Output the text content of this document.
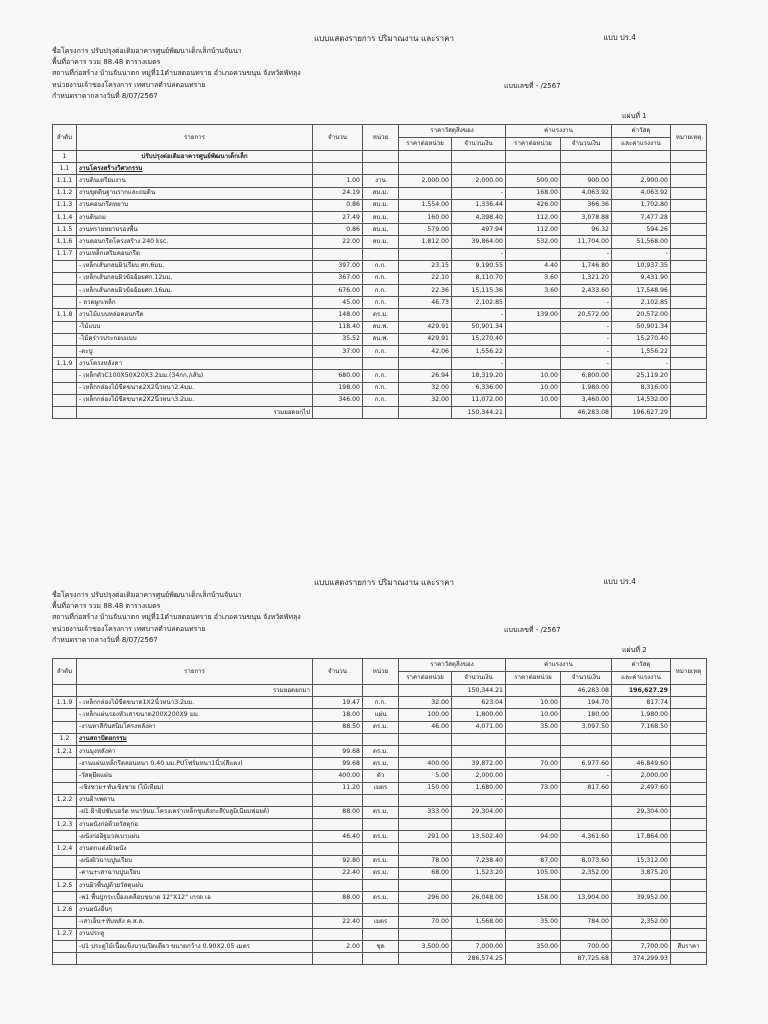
แบบแสดงรายการ ปริมาณงาน และราคา	แบบ ปร.4
ชื่อโครงการ ปรับปรุงต่อเติมอาคารศูนย์พัฒนาเด็กเล็กบ้านจันนา
พื้นที่อาคาร รวม 88.48 ตารางเมตร
สถานที่ก่อสร้าง บ้านจันนาตก หมู่ที่11ตำบลดอนทราย อำเภอควนขนุน จังหวัดพัทลุง
หน่วยงานเจ้าของโครงการ เทศบาลตำบลดอนทราย
กำหนดราคากลางวันที่ 8/07/2567
แบบเลขที่ - /2567
แผ่นที่ 1
ลำดับ	รายการ	จำนวน	หน่วย	ราคาวัสดุสิ่งของ		ค่าแรงงาน		ค่าวัสดุ	หมายเหตุ
				ราคาต่อหน่วย	จำนวนเงิน	ราคาต่อหน่วย	จำนวนเงิน	และค่าแรงงาน	
1	ปรับปรุงต่อเติมอาคารศูนย์พัฒนาเด็กเล็ก								
1.1	งานโครงสร้างวิศวกรรม								
1.1.1	งานดินเตรียมงาน	1.00	งาน	2,000.00	2,000.00	500.00	900.00	2,900.00	
1.1.2	งานขุดดินฐานรากและถมดิน	24.19	ลบ.ม.		-	168.00	4,063.92	4,063.92	
1.1.3	งานคอนกรีตหยาบ	0.86	ลบ.ม.	1,554.00	1,336.44	426.00	366.36	1,702.80	
1.1.4	งานดินถม	27.49	ลบ.ม.	160.00	4,398.40	112.00	3,078.88	7,477.28	
1.1.5	งานทรายหยาบรองพื้น	0.86	ลบ.ม.	579.00	497.94	112.00	96.32	594.26	
1.1.6	งานคอนกรีตโครงสร้าง 240 ksc.	22.00	ลบ.ม.	1,812.00	39,864.00	532.00	11,704.00	51,568.00	
1.1.7	งานเหล็กเสริมคอนกรีต				-		-	-	
	- เหล็กเส้นกลมผิวเรียบ ศก.6มม.	397.00	ก.ก.	23.15	9,190.55	4.40	1,746.80	10,937.35	
	- เหล็กเส้นกลมผิวข้ออ้อยศก.12มม.	367.00	ก.ก.	22.10	8,110.70	3.60	1,321.20	9,431.90	
	- เหล็กเส้นกลมผิวข้ออ้อยศก.16มม.	676.00	ก.ก.	22.36	15,115.36	3.60	2,433.60	17,548.96	
	- ลวดผูกเหล็ก	45.00	ก.ก.	46.73	2,102.85		-	2,102.85	
1.1.8	งานไม้แบบหล่อคอนกรีต	148.00	ตร.ม.		-	139.00	20,572.00	20,572.00	
	-ไม้แบบ	118.40	ลบ.ฟ.	429.91	50,901.34		-	50,901.34	
	-ไม้คร่าวประกอบแบบ	35.52	ลบ.ฟ.	429.91	15,270.40		-	15,270.40	
	-ตะปู	37.00	ก.ก.	42.06	1,556.22		-	1,556.22	
1.1.9	งานโครงหลังคา				-		-	-	
	- เหล็กตัวC100X50X20X3.2มม.(34กก./เส้น)	680.00	ก.ก.	26.94	18,319.20	10.00	6,800.00	25,119.20	
	- เหล็กกล่องไม้ขีดขนาด2X2นิ้วหนา2.4มม.	198.00	ก.ก.	32.00	6,336.00	10.00	1,980.00	8,316.00	
	- เหล็กกล่องไม้ขีดขนาด2X2นิ้วหนา3.2มม.	346.00	ก.ก.	32.00	11,072.00	10.00	3,460.00	14,532.00	
	รวมยอดยกไป				150,344.21		46,283.08	196,627.29	
แบบแสดงรายการ ปริมาณงาน และราคา	แบบ ปร.4
ชื่อโครงการ ปรับปรุงต่อเติมอาคารศูนย์พัฒนาเด็กเล็กบ้านจันนา
พื้นที่อาคาร รวม 88.48 ตารางเมตร
สถานที่ก่อสร้าง บ้านจันนาตก หมู่ที่11ตำบลดอนทราย อำเภอควนขนุน จังหวัดพัทลุง
หน่วยงานเจ้าของโครงการ เทศบาลตำบลดอนทราย
กำหนดราคากลางวันที่ 8/07/2567
แบบเลขที่ - /2567
แผ่นที่ 2
ลำดับ	รายการ	จำนวน	หน่วย	ราคาวัสดุสิ่งของ		ค่าแรงงาน		ค่าวัสดุ	หมายเหตุ
				ราคาต่อหน่วย	จำนวนเงิน	ราคาต่อหน่วย	จำนวนเงิน	และค่าแรงงาน	
	รวมยอดยกมา				150,344.21		46,283.08	196,627.29	
1.1.9	- เหล็กกล่องไม้ขีดขนาด1X2นิ้วหนา3.2มม.	19.47	ก.ก.	32.00	623.04	10.00	194.70	817.74	
	- เหล็กแผ่นรองหัวเสาขนาด200X200X9 มม.	18.00	แผ่น	100.00	1,800.00	10.00	180.00	1,980.00	
	-งานทาสีกันสนิมโครงหลังคา	88.50	ตร.ม.	46.00	4,071.00	35.00	3,097.50	7,168.50	
1.2	งานสถาปัตยกรรม								
1.2.1	งานมุงหลังคา	99.68	ตร.ม.						
	-งานแผ่นเหล็กรีดลอนหนา 0.40 มม.PUโฟร์มหนา1นิ้ว(สีแดง)	99.68	ตร.ม.	400.00	39,872.00	70.00	6,977.60	46,849.60	
	-วัสดุยึดแผ่น	400.00	ตัว	5.00	2,000.00		-	2,000.00	
	-เชิงชาย+ทับเชิงชาย (ไม้เทียม)	11.20	เมตร	150.00	1,680.00	73.00	817.60	2,497.60	
1.2.2	งานฝ้าเพดาน				-				
	-ฝ1 ฝ้ายิปซัมบอร์ด หนา9มม.โครงเคร่าเหล็กชุบสังกะสี(บลูมิเนียมฟอยด์)	88.00	ตร.ม.	333.00	29,304.00			29,304.00	
1.2.3	งานผนังก่อด้วยวัสดุก่อ								
	-ผนังก่ออิฐมวลเบาแผ่น	46.40	ตร.ม.	291.00	13,502.40	94.00	4,361.60	17,864.00	
1.2.4	งานตกแต่งผิวผนัง								
	-ผนังผิวฉาบปูนเรียบ	92.80	ตร.ม.	78.00	7,238.40	87.00	8,073.60	15,312.00	
	-คาน+เสาฉาบปูนเรียบ	22.40	ตร.ม.	68.00	1,523.20	105.00	2,352.00	3,875.20	
1.2.5	งานผิวพื้นปูด้วยวัสดุแผ่น								
	-พ1 พื้นปูกระเบื้องเคลือบขนาด 12"X12" เกรด เอ	88.00	ตร.ม.	296.00	26,048.00	158.00	13,904.00	39,952.00	
1.2.6	งานผนังอื่นๆ								
	-เสาเอ็น+ทับหลัง ค.ส.ล.	22.40	เมตร	70.00	1,568.00	35.00	784.00	2,352.00	
1.2.7	งานประตู								
	-ป1 ประตูไม้เนื้อแข็งบานเปิดเดี่ยว ขนาดกว้าง 0.90X2.05 เมตร	2.00	ชุด	3,500.00	7,000.00	350.00	700.00	7,700.00	สีบราคา
					286,574.25		87,725.68	374,299.93	
